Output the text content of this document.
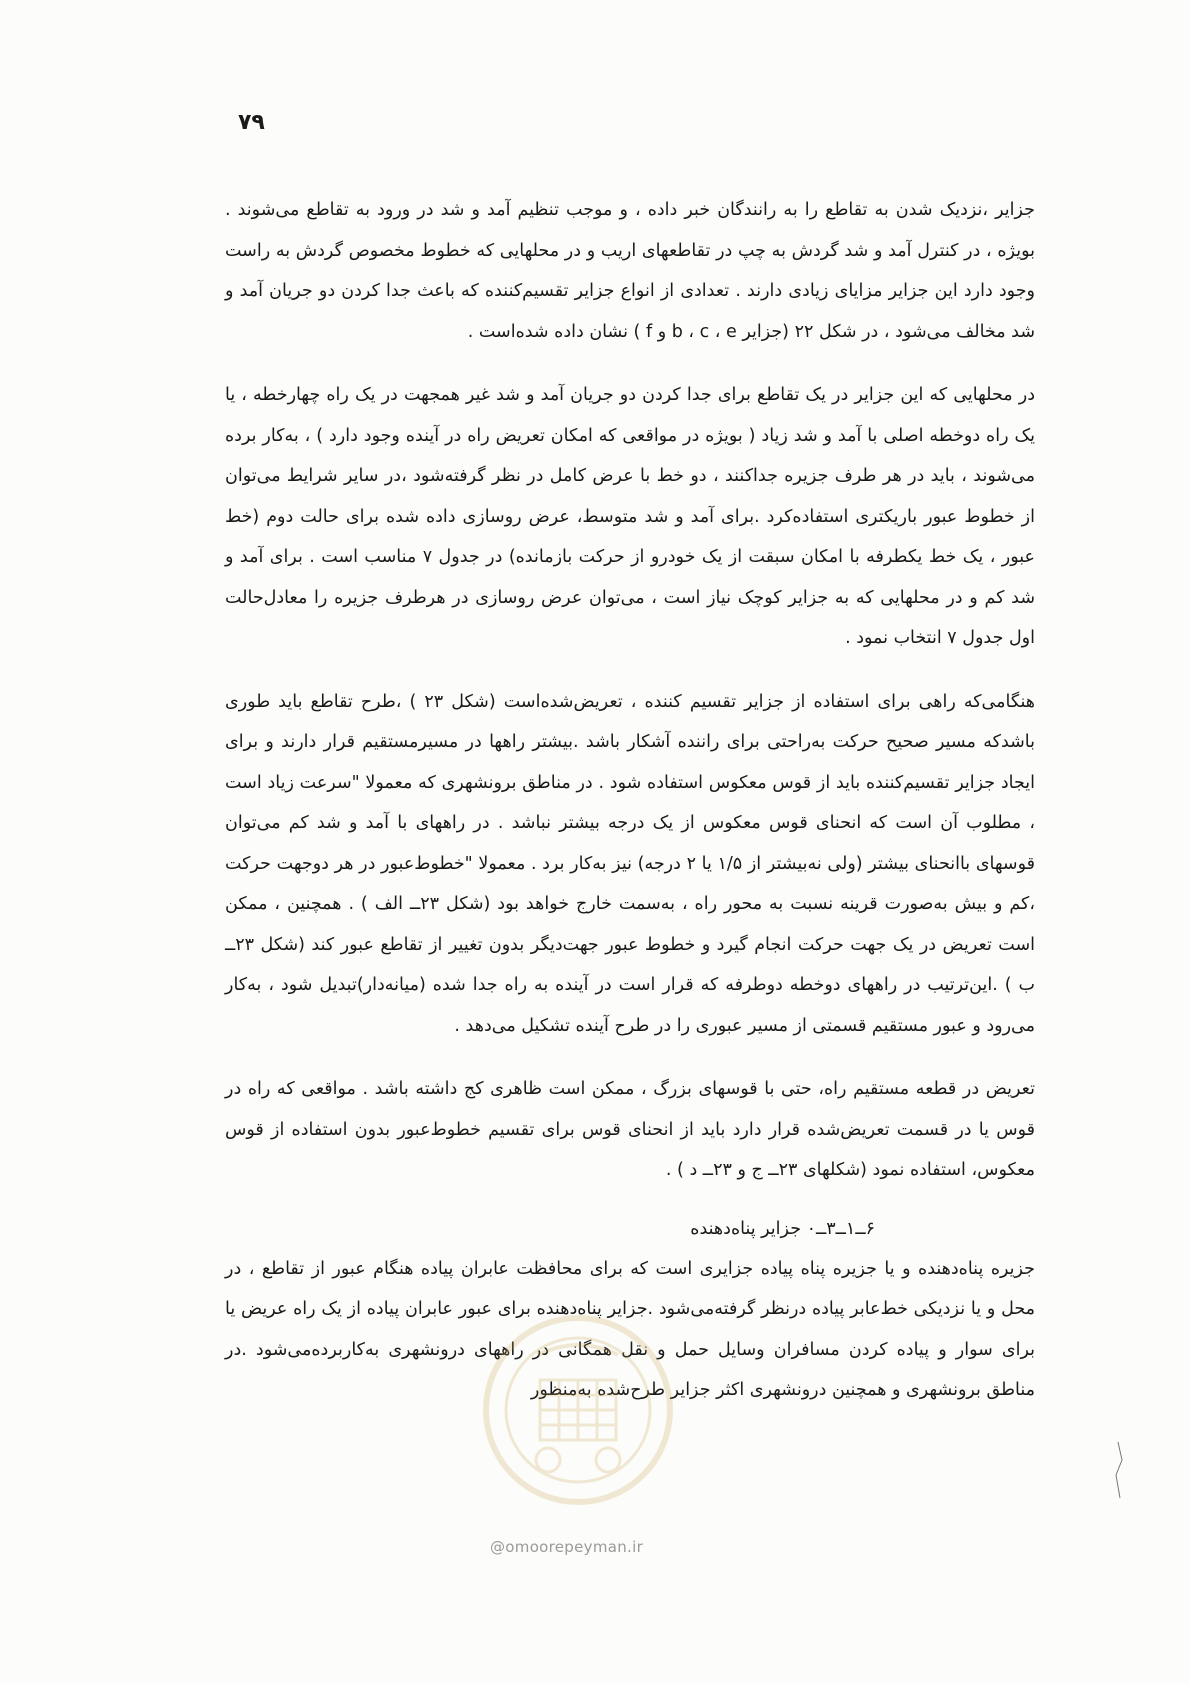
۷۹

جزایر ،نزدیک شدن به تقاطع را به رانندگان خبر داده ، و موجب تنظیم آمد و شد در ورود به تقاطع می‌شوند . بویژه ، در کنترل آمد و شد گردش به چپ در تقاطعهای اریب و در محلهایی که خطوط مخصوص گردش به راست وجود دارد این جزایر مزایای زیادی دارند . تعدادی از انواع جزایر تقسیم‌کننده که باعث جدا کردن دو جریان آمد و شد مخالف می‌شود ، در شکل ۲۲ (جزایر b ، c ، e و f ) نشان داده شده‌است .

در محلهایی که این جزایر در یک تقاطع برای جدا کردن دو جریان آمد و شد غیر همجهت در یک راه چهارخطه ، یا یک راه دوخطه اصلی با آمد و شد زیاد ( بویژه در مواقعی که امکان تعریض راه در آینده وجود دارد ) ، به‌کار برده می‌شوند ، باید در هر طرف جزیره جداکنند ، دو خط با عرض کامل در نظر گرفته‌شود ،در سایر شرایط می‌توان از خطوط عبور باریکتری استفاده‌کرد .برای آمد و شد متوسط، عرض روسازی داده شده برای حالت دوم (خط عبور ، یک خط یکطرفه با امکان سبقت از یک خودرو از حرکت بازمانده) در جدول ۷ مناسب است . برای آمد و شد کم و در محلهایی که به جزایر کوچک نیاز است ، می‌توان عرض روسازی در هرطرف جزیره را معادل‌حالت اول جدول ۷ انتخاب نمود .

هنگامی‌که راهی برای استفاده از جزایر تقسیم کننده ، تعریض‌شده‌است (شکل ۲۳ ) ،طرح تقاطع باید طوری باشدکه مسیر صحیح حرکت به‌راحتی برای راننده آشکار باشد .بیشتر راهها در مسیرمستقیم قرار دارند و برای ایجاد جزایر تقسیم‌کننده باید از قوس معکوس استفاده شود . در مناطق برونشهری که معمولا "سرعت زیاد است ، مطلوب آن است که انحنای قوس معکوس از یک درجه بیشتر نباشد . در راههای با آمد و شد کم می‌توان قوسهای باانحنای بیشتر (ولی نه‌بیشتر از ۱/۵ یا ۲ درجه) نیز به‌کار برد . معمولا "خطوط‌عبور در هر دوجهت حرکت ،کم و بیش به‌صورت قرینه نسبت به محور راه ، به‌سمت خارج خواهد بود (شکل ۲۳ــ الف ) . همچنین ، ممکن است تعریض در یک جهت حرکت انجام گیرد و خطوط عبور جهت‌دیگر بدون تغییر از تقاطع عبور کند (شکل ۲۳ــ ب ) .این‌ترتیب در راههای دوخطه دوطرفه که قرار است در آینده به راه جدا شده (میانه‌دار)تبدیل شود ، به‌کار می‌رود و عبور مستقیم قسمتی از مسیر عبوری را در طرح آینده تشکیل می‌دهد .

تعریض در قطعه مستقیم راه، حتی با قوسهای بزرگ ، ممکن است ظاهری کج داشته باشد . مواقعی که راه در قوس یا در قسمت تعریض‌شده قرار دارد باید از انحنای قوس برای تقسیم خطوط‌عبور بدون استفاده از قوس معکوس، استفاده نمود (شکلهای ۲۳ــ ج و ۲۳ــ د ) .

۶ــ۱ــ۳ــ۰ جزایر پناه‌دهنده

جزیره پناه‌دهنده و یا جزیره پناه پیاده جزایری است که برای محافظت عابران پیاده هنگام عبور از تقاطع ، در محل و یا نزدیکی خط‌عابر پیاده درنظر گرفته‌می‌شود .جزایر پناه‌دهنده برای عبور عابران پیاده از یک راه عریض یا برای سوار و پیاده کردن مسافران وسایل حمل و نقل همگانی در راههای درونشهری به‌کاربرده‌می‌شود .در مناطق برونشهری و همچنین درونشهری اکثر جزایر طرح‌شده به‌منظور

@omoorepeyman.ir
